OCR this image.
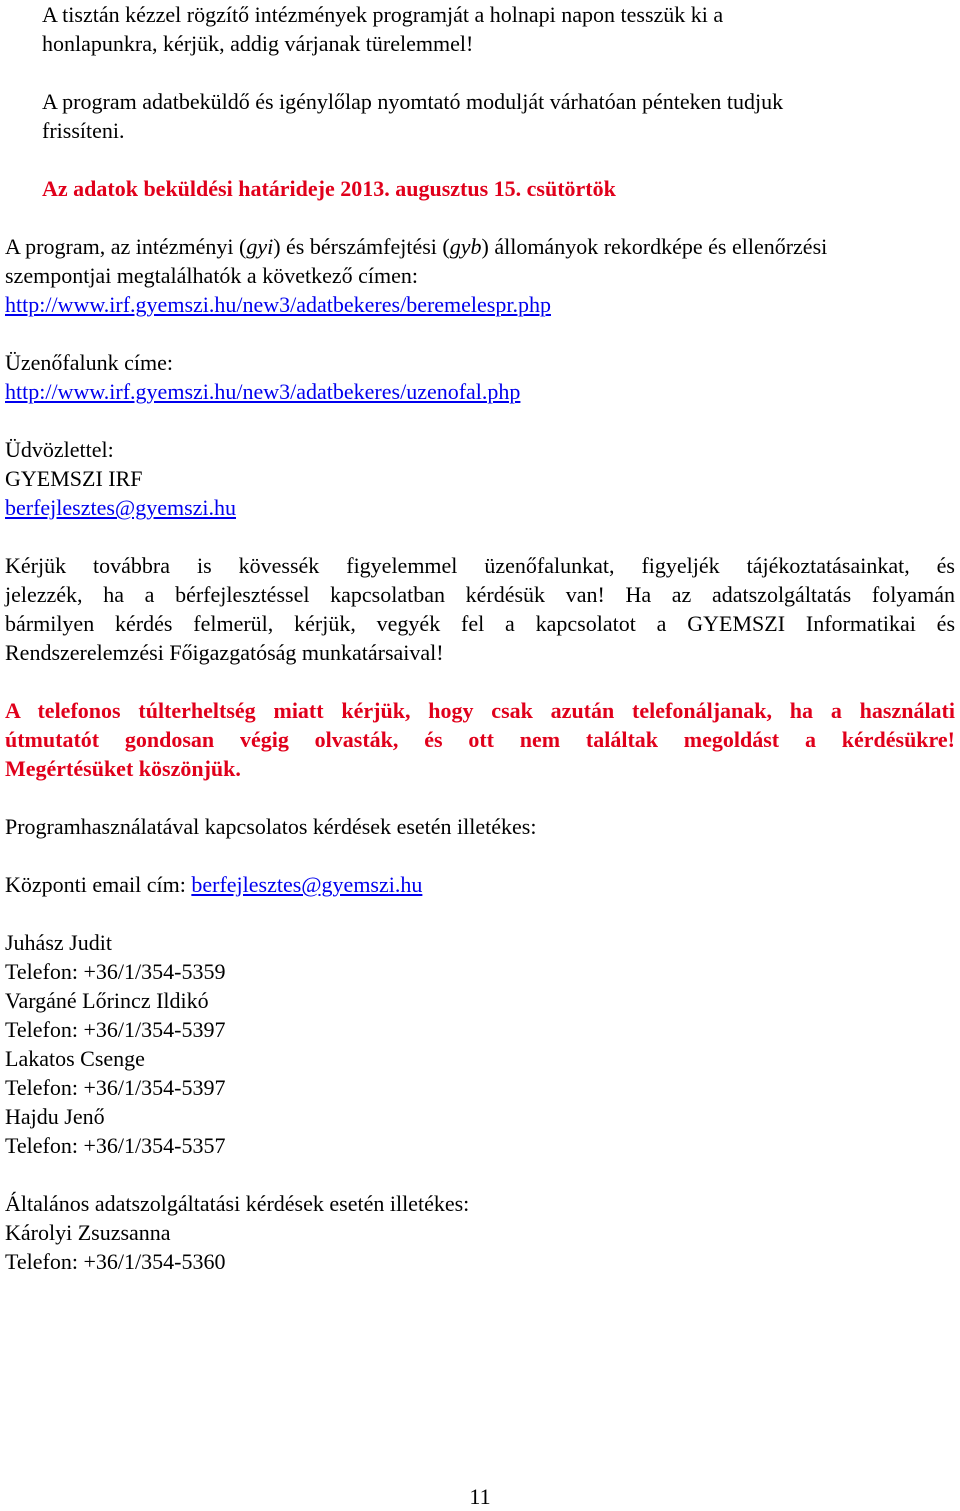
A tisztán kézzel rögzítő intézmények programját a holnapi napon tesszük ki a

honlapunkra, kérjük, addig várjanak türelemmel!

A program adatbeküldő és igénylőlap nyomtató modulját várhatóan pénteken tudjuk

frissíteni.

Az adatok beküldési határideje 2013. augusztus 15. csütörtök

A program, az intézményi (gyi) és bérszámfejtési (gyb) állományok rekordképe és ellenőrzési

szempontjai megtalálhatók a következő címen:

http://www.irf.gyemszi.hu/new3/adatbekeres/beremelespr.php

Üzenőfalunk címe:

http://www.irf.gyemszi.hu/new3/adatbekeres/uzenofal.php

Üdvözlettel:

GYEMSZI IRF

berfejlesztes@gyemszi.hu

Kérjük továbbra is kövessék figyelemmel üzenőfalunkat, figyeljék tájékoztatásainkat, és

jelezzék, ha a bérfejlesztéssel kapcsolatban kérdésük van! Ha az adatszolgáltatás folyamán

bármilyen kérdés felmerül, kérjük, vegyék fel a kapcsolatot a GYEMSZI Informatikai és

Rendszerelemzési Főigazgatóság munkatársaival!

A telefonos túlterheltség miatt kérjük, hogy csak azután telefonáljanak, ha a használati

útmutatót gondosan végig olvasták, és ott nem találtak megoldást a kérdésükre!

Megértésüket köszönjük.

Programhasználatával kapcsolatos kérdések esetén illetékes:

Központi email cím: berfejlesztes@gyemszi.hu

Juhász Judit

Telefon: +36/1/354-5359

Vargáné Lőrincz Ildikó

Telefon: +36/1/354-5397

Lakatos Csenge

Telefon: +36/1/354-5397

Hajdu Jenő

Telefon: +36/1/354-5357

Általános adatszolgáltatási kérdések esetén illetékes:

Károlyi Zsuzsanna

Telefon: +36/1/354-5360

11
